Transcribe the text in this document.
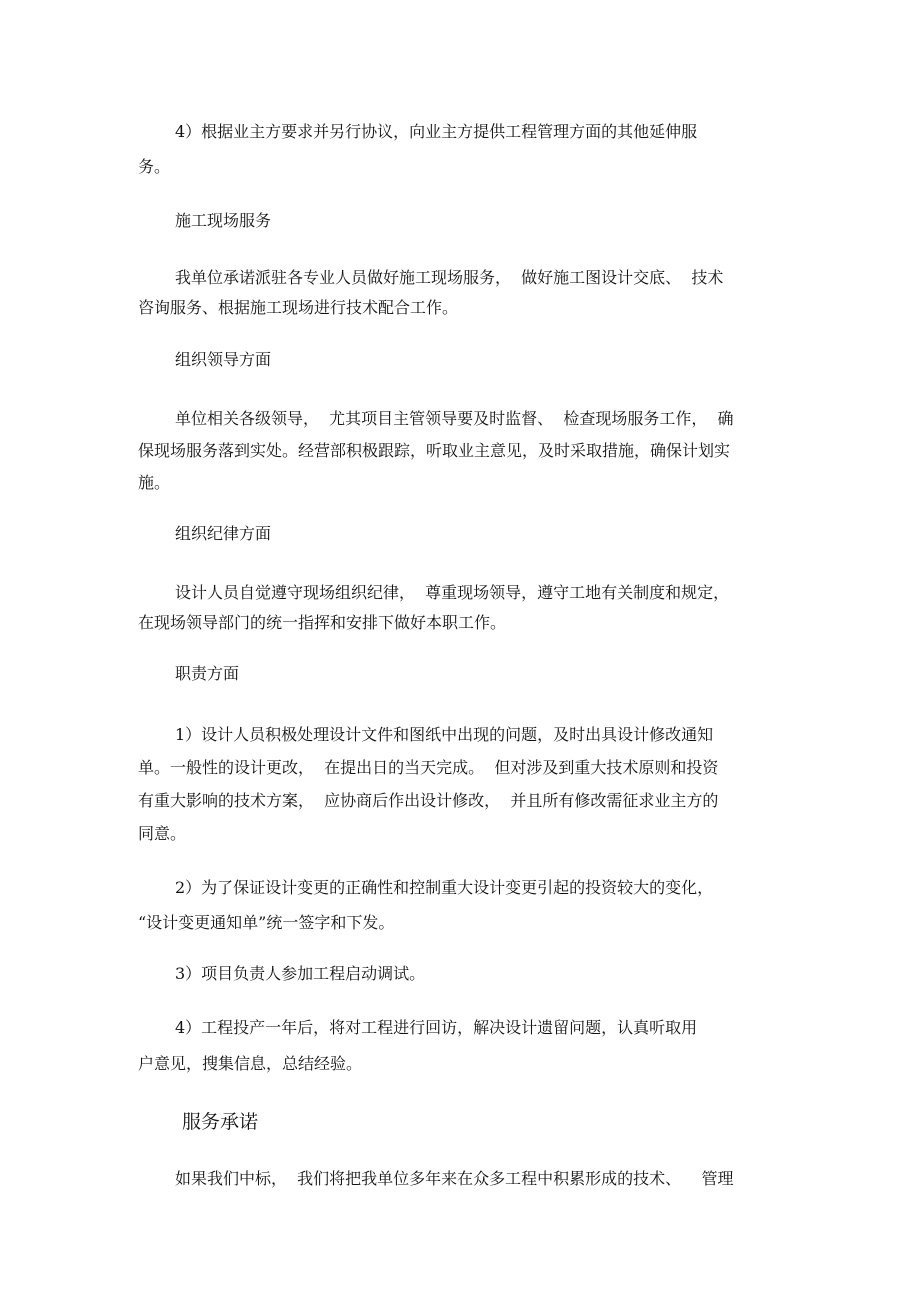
4）根据业主方要求并另行协议，向业主方提供工程管理方面的其他延伸服
务。
施工现场服务
我单位承诺派驻各专业人员做好施工现场服务，  做好施工图设计交底、  技术
咨询服务、根据施工现场进行技术配合工作。
组织领导方面
单位相关各级领导，  尤其项目主管领导要及时监督、  检查现场服务工作，  确
保现场服务落到实处。经营部积极跟踪，听取业主意见，及时采取措施，确保计划实
施。
组织纪律方面
设计人员自觉遵守现场组织纪律，  尊重现场领导，遵守工地有关制度和规定，
在现场领导部门的统一指挥和安排下做好本职工作。
职责方面
1）设计人员积极处理设计文件和图纸中出现的问题，及时出具设计修改通知
单。一般性的设计更改，  在提出日的当天完成。  但对涉及到重大技术原则和投资
有重大影响的技术方案，  应协商后作出设计修改，  并且所有修改需征求业主方的
同意。
2）为了保证设计变更的正确性和控制重大设计变更引起的投资较大的变化，
“设计变更通知单”统一签字和下发。
3）项目负责人参加工程启动调试。
4）工程投产一年后，将对工程进行回访，解决设计遗留问题，认真听取用
户意见，搜集信息，总结经验。
服务承诺
如果我们中标，  我们将把我单位多年来在众多工程中积累形成的技术、    管理
